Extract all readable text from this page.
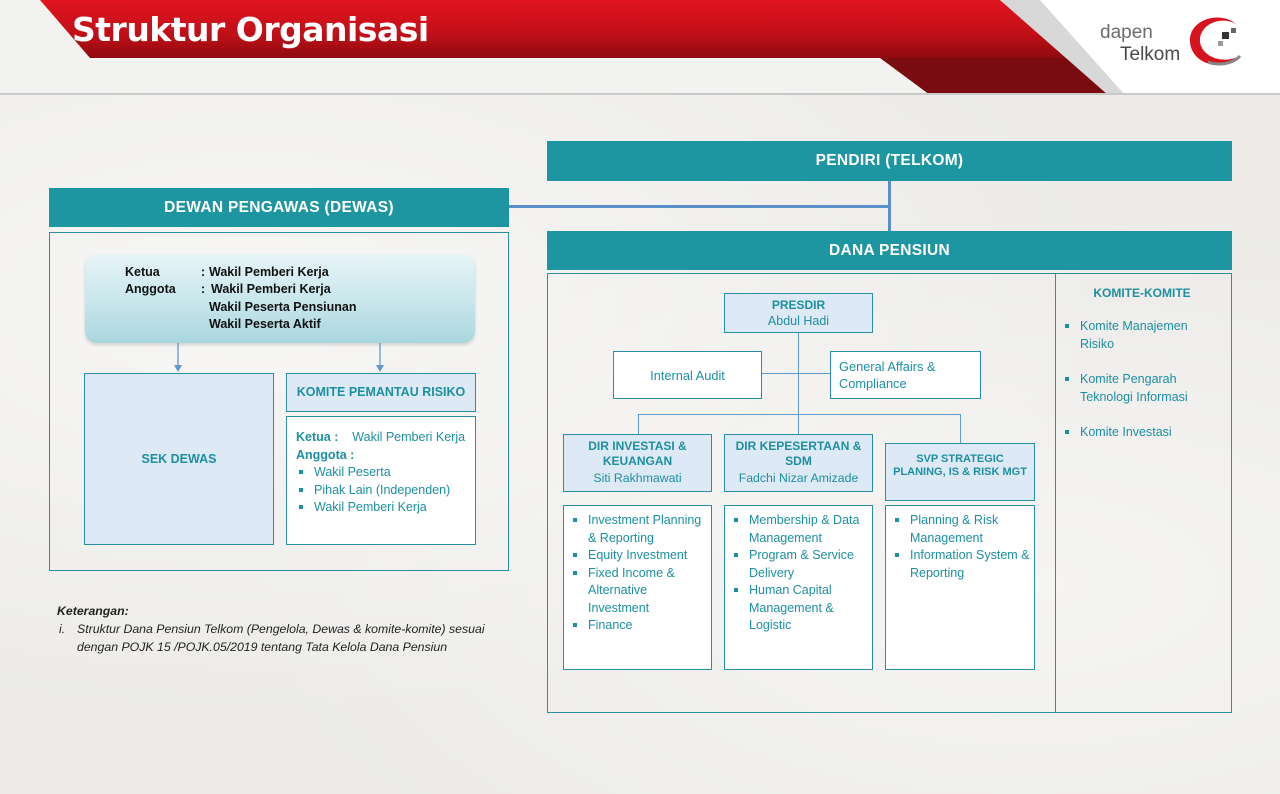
Struktur Organisasi	dapen
Telkom
PENDIRI (TELKOM)
DEWAN PENGAWAS (DEWAS)
Ketua	: Wakil Pemberi Kerja
Anggota : Wakil Pemberi Kerja
Wakil Peserta Pensiunan
Wakil Peserta Aktif
SEK DEWAS
KOMITE PEMANTAU RISIKO
Ketua : Wakil Pemberi Kerja
Anggota :
Wakil Peserta
Pihak Lain (Independen)
Wakil Pemberi Kerja
DANA PENSIUN
PRESDIR
Abdul Hadi
Internal Audit
General Affairs & Compliance
DIR INVESTASI & KEUANGAN
Siti Rakhmawati
DIR KEPESERTAAN & SDM
Fadchi Nizar Amizade
SVP STRATEGIC PLANING, IS & RISK MGT
Investment Planning & Reporting
Equity Investment
Fixed Income & Alternative Investment
Finance
Membership & Data Management
Program & Service Delivery
Human Capital Management & Logistic
Planning & Risk Management
Information System & Reporting
KOMITE-KOMITE
Komite Manajemen Risiko
Komite Pengarah Teknologi Informasi
Komite Investasi
Keterangan:
i. Struktur Dana Pensiun Telkom (Pengelola, Dewas & komite-komite) sesuai dengan POJK 15 /POJK.05/2019 tentang Tata Kelola Dana Pensiun
